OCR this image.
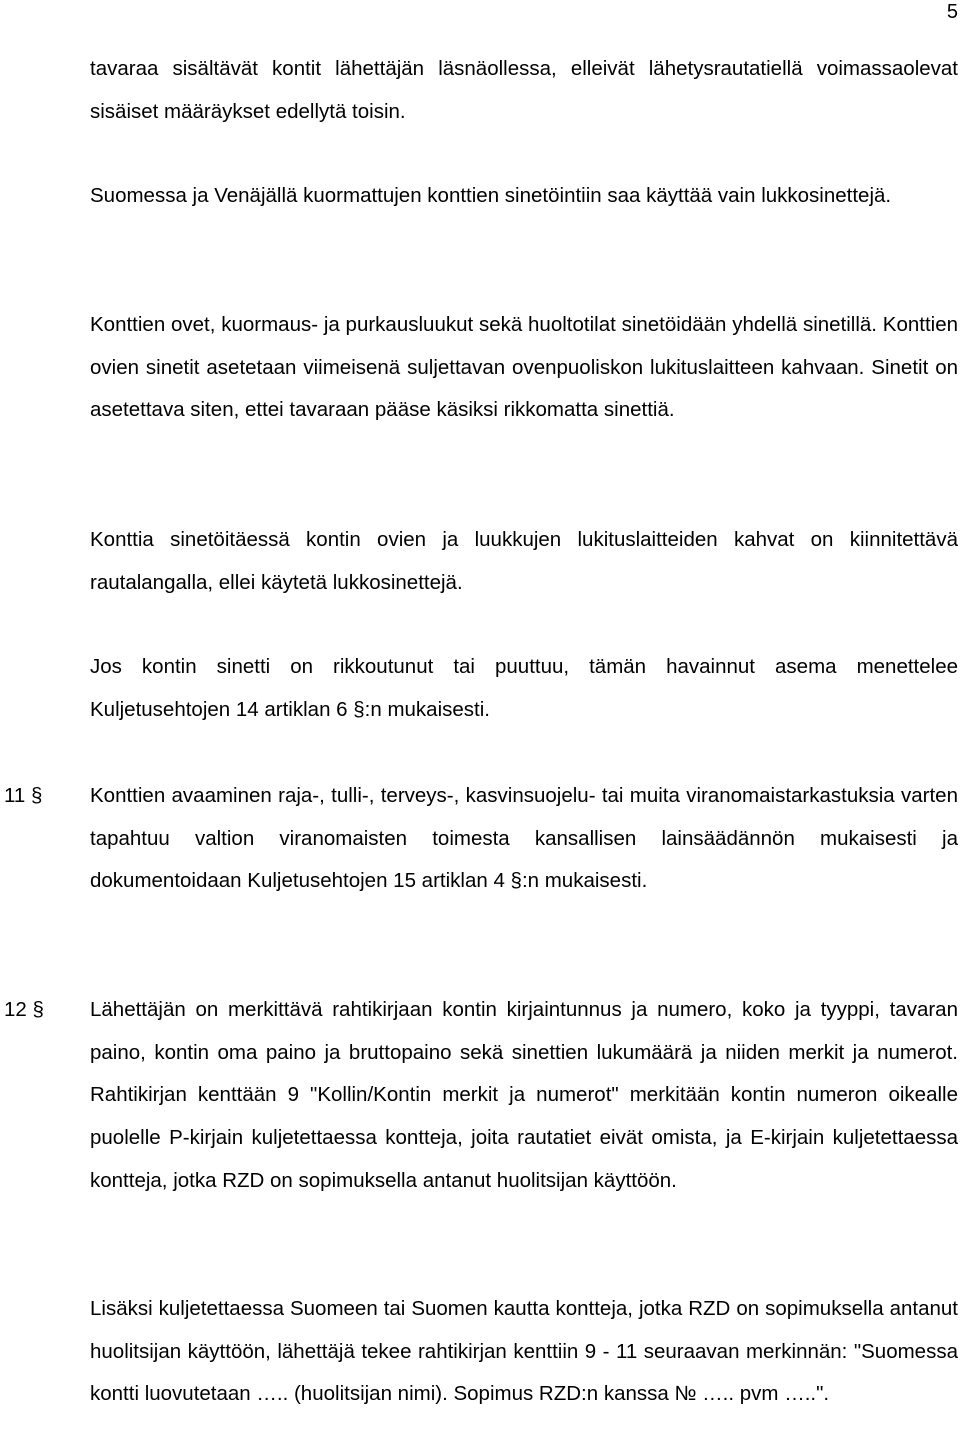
5

tavaraa sisältävät kontit lähettäjän läsnäollessa, elleivät lähetysrautatiellä voimassaolevat sisäiset määräykset edellytä toisin.

Suomessa ja Venäjällä kuormattujen konttien sinetöintiin saa käyttää vain lukkosinettejä.

Konttien ovet, kuormaus- ja purkausluukut sekä huoltotilat sinetöidään yhdellä sinetillä. Konttien ovien sinetit asetetaan viimeisenä suljettavan ovenpuoliskon lukituslaitteen kahvaan. Sinetit on asetettava siten, ettei tavaraan pääse käsiksi rikkomatta sinettiä.

Konttia sinetöitäessä kontin ovien ja luukkujen lukituslaitteiden kahvat on kiinnitettävä rautalangalla, ellei käytetä lukkosinettejä.

Jos kontin sinetti on rikkoutunut tai puuttuu, tämän havainnut asema menettelee Kuljetusehtojen 14 artiklan 6 §:n mukaisesti.

11 § Konttien avaaminen raja-, tulli-, terveys-, kasvinsuojelu- tai muita viranomaistarkastuksia varten tapahtuu valtion viranomaisten toimesta kansallisen lainsäädännön mukaisesti ja dokumentoidaan Kuljetusehtojen 15 artiklan 4 §:n mukaisesti.

12 § Lähettäjän on merkittävä rahtikirjaan kontin kirjaintunnus ja numero, koko ja tyyppi, tavaran paino, kontin oma paino ja bruttopaino sekä sinettien lukumäärä ja niiden merkit ja numerot. Rahtikirjan kenttään 9 "Kollin/Kontin merkit ja numerot" merkitään kontin numeron oikealle puolelle P-kirjain kuljetettaessa kontteja, joita rautatiet eivät omista, ja E-kirjain kuljetettaessa kontteja, jotka RZD on sopimuksella antanut huolitsijan käyttöön.

Lisäksi kuljetettaessa Suomeen tai Suomen kautta kontteja, jotka RZD on sopimuksella antanut huolitsijan käyttöön, lähettäjä tekee rahtikirjan kenttiin 9 - 11 seuraavan merkinnän: "Suomessa kontti luovutetaan ….. (huolitsijan nimi). Sopimus RZD:n kanssa № ….. pvm …..".
